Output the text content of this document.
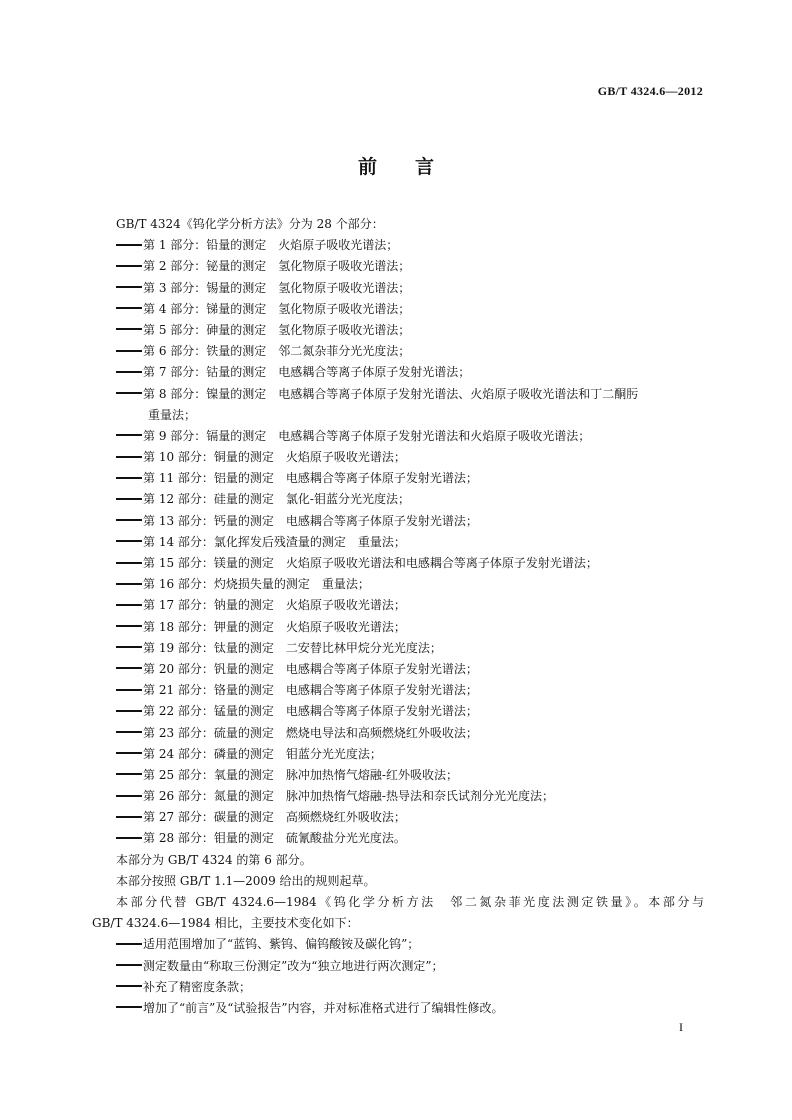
GB/T 4324.6—2012
前言
GB/T 4324《钨化学分析方法》分为 28 个部分：
第 1 部分：铅量的测定　火焰原子吸收光谱法；
第 2 部分：铋量的测定　氢化物原子吸收光谱法；
第 3 部分：锡量的测定　氢化物原子吸收光谱法；
第 4 部分：锑量的测定　氢化物原子吸收光谱法；
第 5 部分：砷量的测定　氢化物原子吸收光谱法；
第 6 部分：铁量的测定　邻二氮杂菲分光光度法；
第 7 部分：钴量的测定　电感耦合等离子体原子发射光谱法；
第 8 部分：镍量的测定　电感耦合等离子体原子发射光谱法、火焰原子吸收光谱法和丁二酮肟
重量法；
第 9 部分：镉量的测定　电感耦合等离子体原子发射光谱法和火焰原子吸收光谱法；
第 10 部分：铜量的测定　火焰原子吸收光谱法；
第 11 部分：铝量的测定　电感耦合等离子体原子发射光谱法；
第 12 部分：硅量的测定　氯化-钼蓝分光光度法；
第 13 部分：钙量的测定　电感耦合等离子体原子发射光谱法；
第 14 部分：氯化挥发后残渣量的测定　重量法；
第 15 部分：镁量的测定　火焰原子吸收光谱法和电感耦合等离子体原子发射光谱法；
第 16 部分：灼烧损失量的测定　重量法；
第 17 部分：钠量的测定　火焰原子吸收光谱法；
第 18 部分：钾量的测定　火焰原子吸收光谱法；
第 19 部分：钛量的测定　二安替比林甲烷分光光度法；
第 20 部分：钒量的测定　电感耦合等离子体原子发射光谱法；
第 21 部分：铬量的测定　电感耦合等离子体原子发射光谱法；
第 22 部分：锰量的测定　电感耦合等离子体原子发射光谱法；
第 23 部分：硫量的测定　燃烧电导法和高频燃烧红外吸收法；
第 24 部分：磷量的测定　钼蓝分光光度法；
第 25 部分：氧量的测定　脉冲加热惰气熔融-红外吸收法；
第 26 部分：氮量的测定　脉冲加热惰气熔融-热导法和奈氏试剂分光光度法；
第 27 部分：碳量的测定　高频燃烧红外吸收法；
第 28 部分：钼量的测定　硫氰酸盐分光光度法。
本部分为 GB/T 4324 的第 6 部分。
本部分按照 GB/T 1.1—2009 给出的规则起草。
本部分代替 GB/T 4324.6—1984《钨化学分析方法　邻二氮杂菲光度法测定铁量》。本部分与
GB/T 4324.6—1984 相比，主要技术变化如下：
适用范围增加了“蓝钨、紫钨、偏钨酸铵及碳化钨”；
测定数量由“称取三份测定”改为“独立地进行两次测定”；
补充了精密度条款；
增加了“前言”及“试验报告”内容，并对标准格式进行了编辑性修改。
I
